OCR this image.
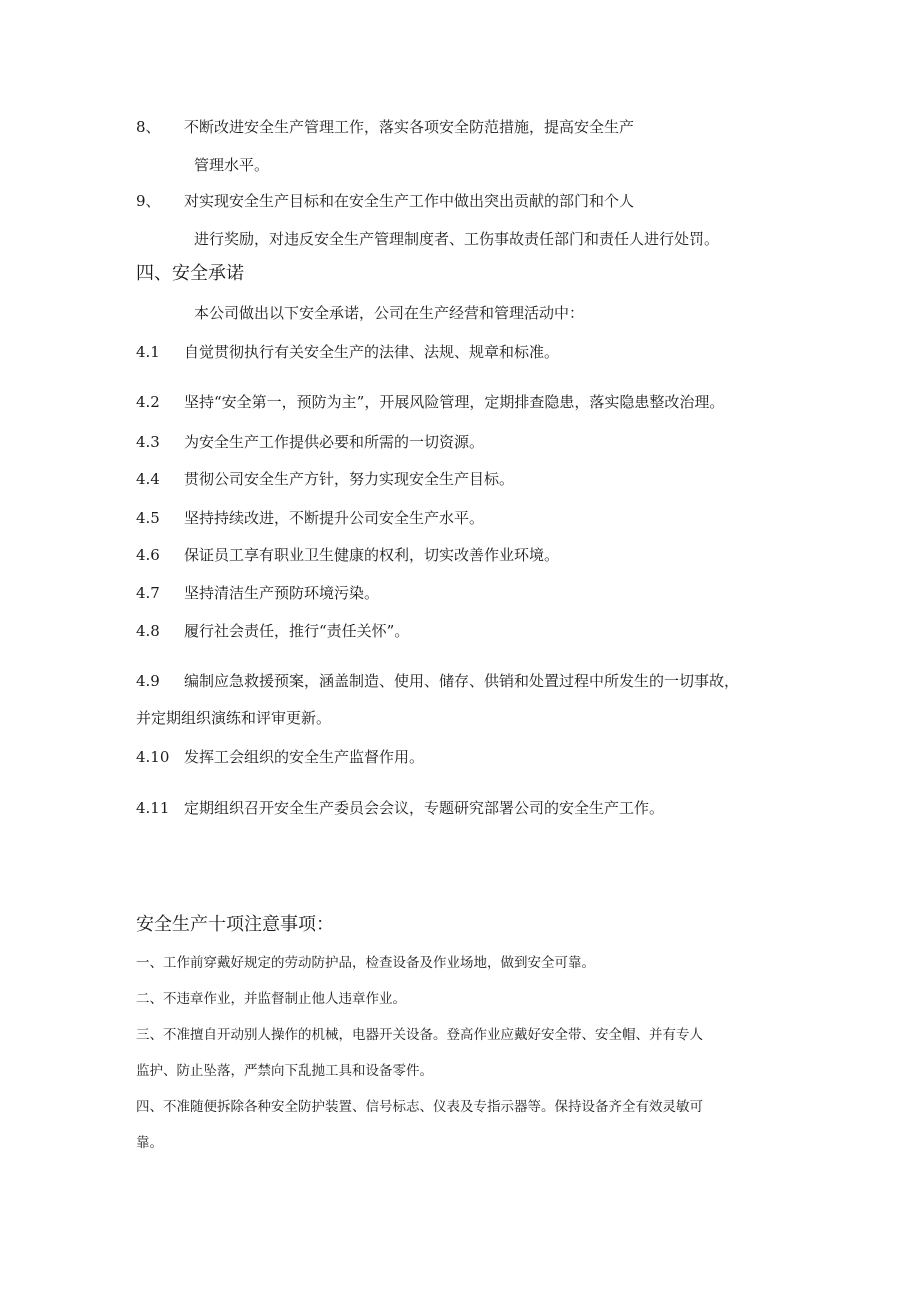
8、 不断改进安全生产管理工作，落实各项安全防范措施，提高安全生产
管理水平。
9、 对实现安全生产目标和在安全生产工作中做出突出贡献的部门和个人
进行奖励，对违反安全生产管理制度者、工伤事故责任部门和责任人进行处罚。
四、安全承诺
本公司做出以下安全承诺，公司在生产经营和管理活动中：
4.1 自觉贯彻执行有关安全生产的法律、法规、规章和标准。
4.2 坚持“安全第一，预防为主”，开展风险管理，定期排查隐患，落实隐患整改治理。
4.3 为安全生产工作提供必要和所需的一切资源。
4.4 贯彻公司安全生产方针，努力实现安全生产目标。
4.5 坚持持续改进，不断提升公司安全生产水平。
4.6 保证员工享有职业卫生健康的权利，切实改善作业环境。
4.7 坚持清洁生产预防环境污染。
4.8 履行社会责任，推行“责任关怀”。
4.9 编制应急救援预案，涵盖制造、使用、储存、供销和处置过程中所发生的一切事故，
并定期组织演练和评审更新。
4.10 发挥工会组织的安全生产监督作用。
4.11 定期组织召开安全生产委员会会议，专题研究部署公司的安全生产工作。
安全生产十项注意事项：
一、工作前穿戴好规定的劳动防护品，检查设备及作业场地，做到安全可靠。
二、不违章作业，并监督制止他人违章作业。
三、不准擅自开动别人操作的机械，电器开关设备。登高作业应戴好安全带、安全帽、并有专人
监护、防止坠落，严禁向下乱抛工具和设备零件。
四、不准随便拆除各种安全防护装置、信号标志、仪表及专指示器等。保持设备齐全有效灵敏可
靠。
